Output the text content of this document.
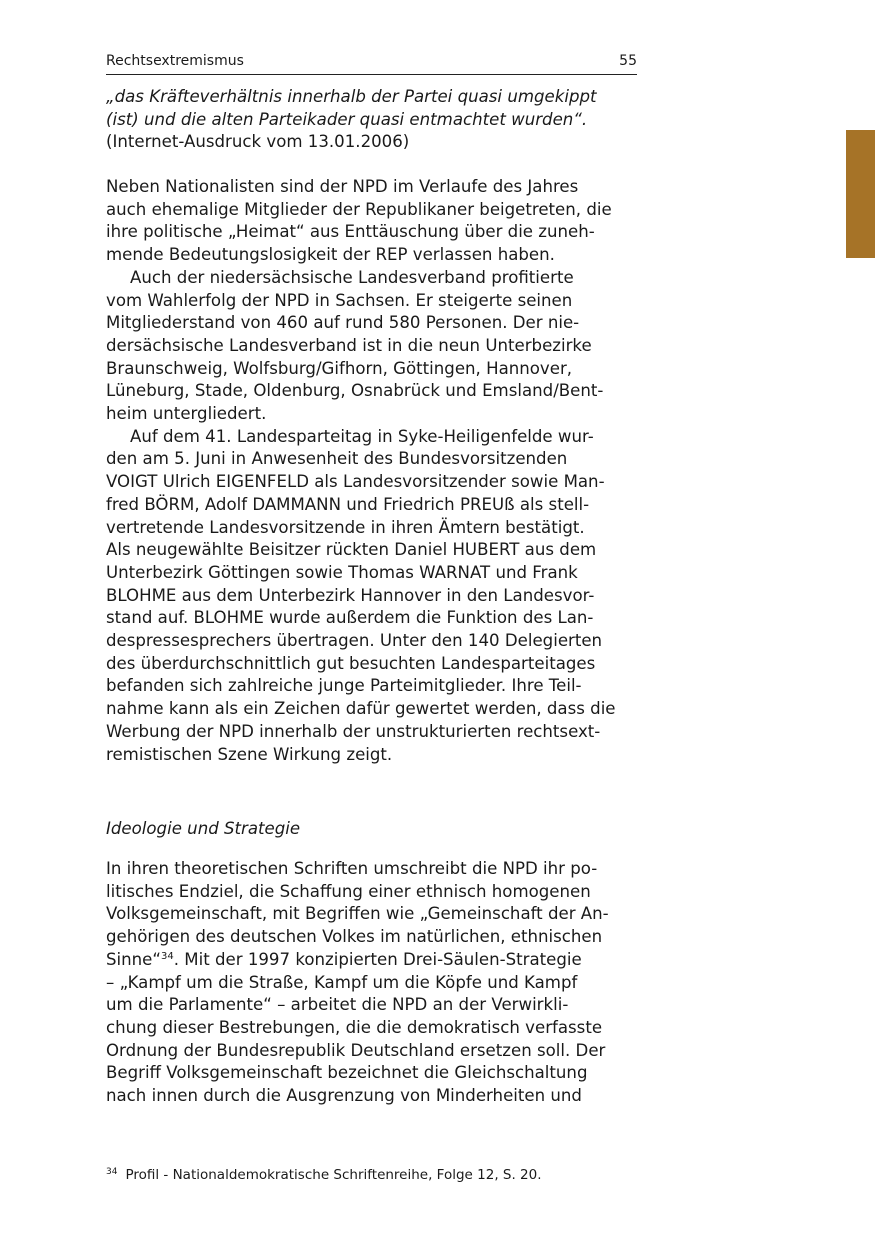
Rechtsextremismus	55
„das Kräfteverhältnis innerhalb der Partei quasi umgekippt
(ist) und die alten Parteikader quasi entmachtet wurden“.
(Internet-Ausdruck vom 13.01.2006)
Neben Nationalisten sind der NPD im Verlaufe des Jahres
auch ehemalige Mitglieder der Republikaner beigetreten, die
ihre politische „Heimat“ aus Enttäuschung über die zuneh-
mende Bedeutungslosigkeit der REP verlassen haben.
Auch der niedersächsische Landesverband profitierte
vom Wahlerfolg der NPD in Sachsen. Er steigerte seinen
Mitgliederstand von 460 auf rund 580 Personen. Der nie-
dersächsische Landesverband ist in die neun Unterbezirke
Braunschweig, Wolfsburg/Gifhorn, Göttingen, Hannover,
Lüneburg, Stade, Oldenburg, Osnabrück und Emsland/Bent-
heim untergliedert.
Auf dem 41. Landesparteitag in Syke-Heiligenfelde wur-
den am 5. Juni in Anwesenheit des Bundesvorsitzenden
VOIGT Ulrich EIGENFELD als Landesvorsitzender sowie Man-
fred BÖRM, Adolf DAMMANN und Friedrich PREUß als stell-
vertretende Landesvorsitzende in ihren Ämtern bestätigt.
Als neugewählte Beisitzer rückten Daniel HUBERT aus dem
Unterbezirk Göttingen sowie Thomas WARNAT und Frank
BLOHME aus dem Unterbezirk Hannover in den Landesvor-
stand auf. BLOHME wurde außerdem die Funktion des Lan-
despressesprechers übertragen. Unter den 140 Delegierten
des überdurchschnittlich gut besuchten Landesparteitages
befanden sich zahlreiche junge Parteimitglieder. Ihre Teil-
nahme kann als ein Zeichen dafür gewertet werden, dass die
Werbung der NPD innerhalb der unstrukturierten rechtsext-
remistischen Szene Wirkung zeigt.
Ideologie und Strategie
In ihren theoretischen Schriften umschreibt die NPD ihr po-
litisches Endziel, die Schaffung einer ethnisch homogenen
Volksgemeinschaft, mit Begriffen wie „Gemeinschaft der An-
gehörigen des deutschen Volkes im natürlichen, ethnischen
Sinne“$^{34}$. Mit der 1997 konzipierten Drei-Säulen-Strategie
– „Kampf um die Straße, Kampf um die Köpfe und Kampf
um die Parlamente“ – arbeitet die NPD an der Verwirkli-
chung dieser Bestrebungen, die die demokratisch verfasste
Ordnung der Bundesrepublik Deutschland ersetzen soll. Der
Begriff Volksgemeinschaft bezeichnet die Gleichschaltung
nach innen durch die Ausgrenzung von Minderheiten und
$^{34}$ Profil - Nationaldemokratische Schriftenreihe, Folge 12, S. 20.
